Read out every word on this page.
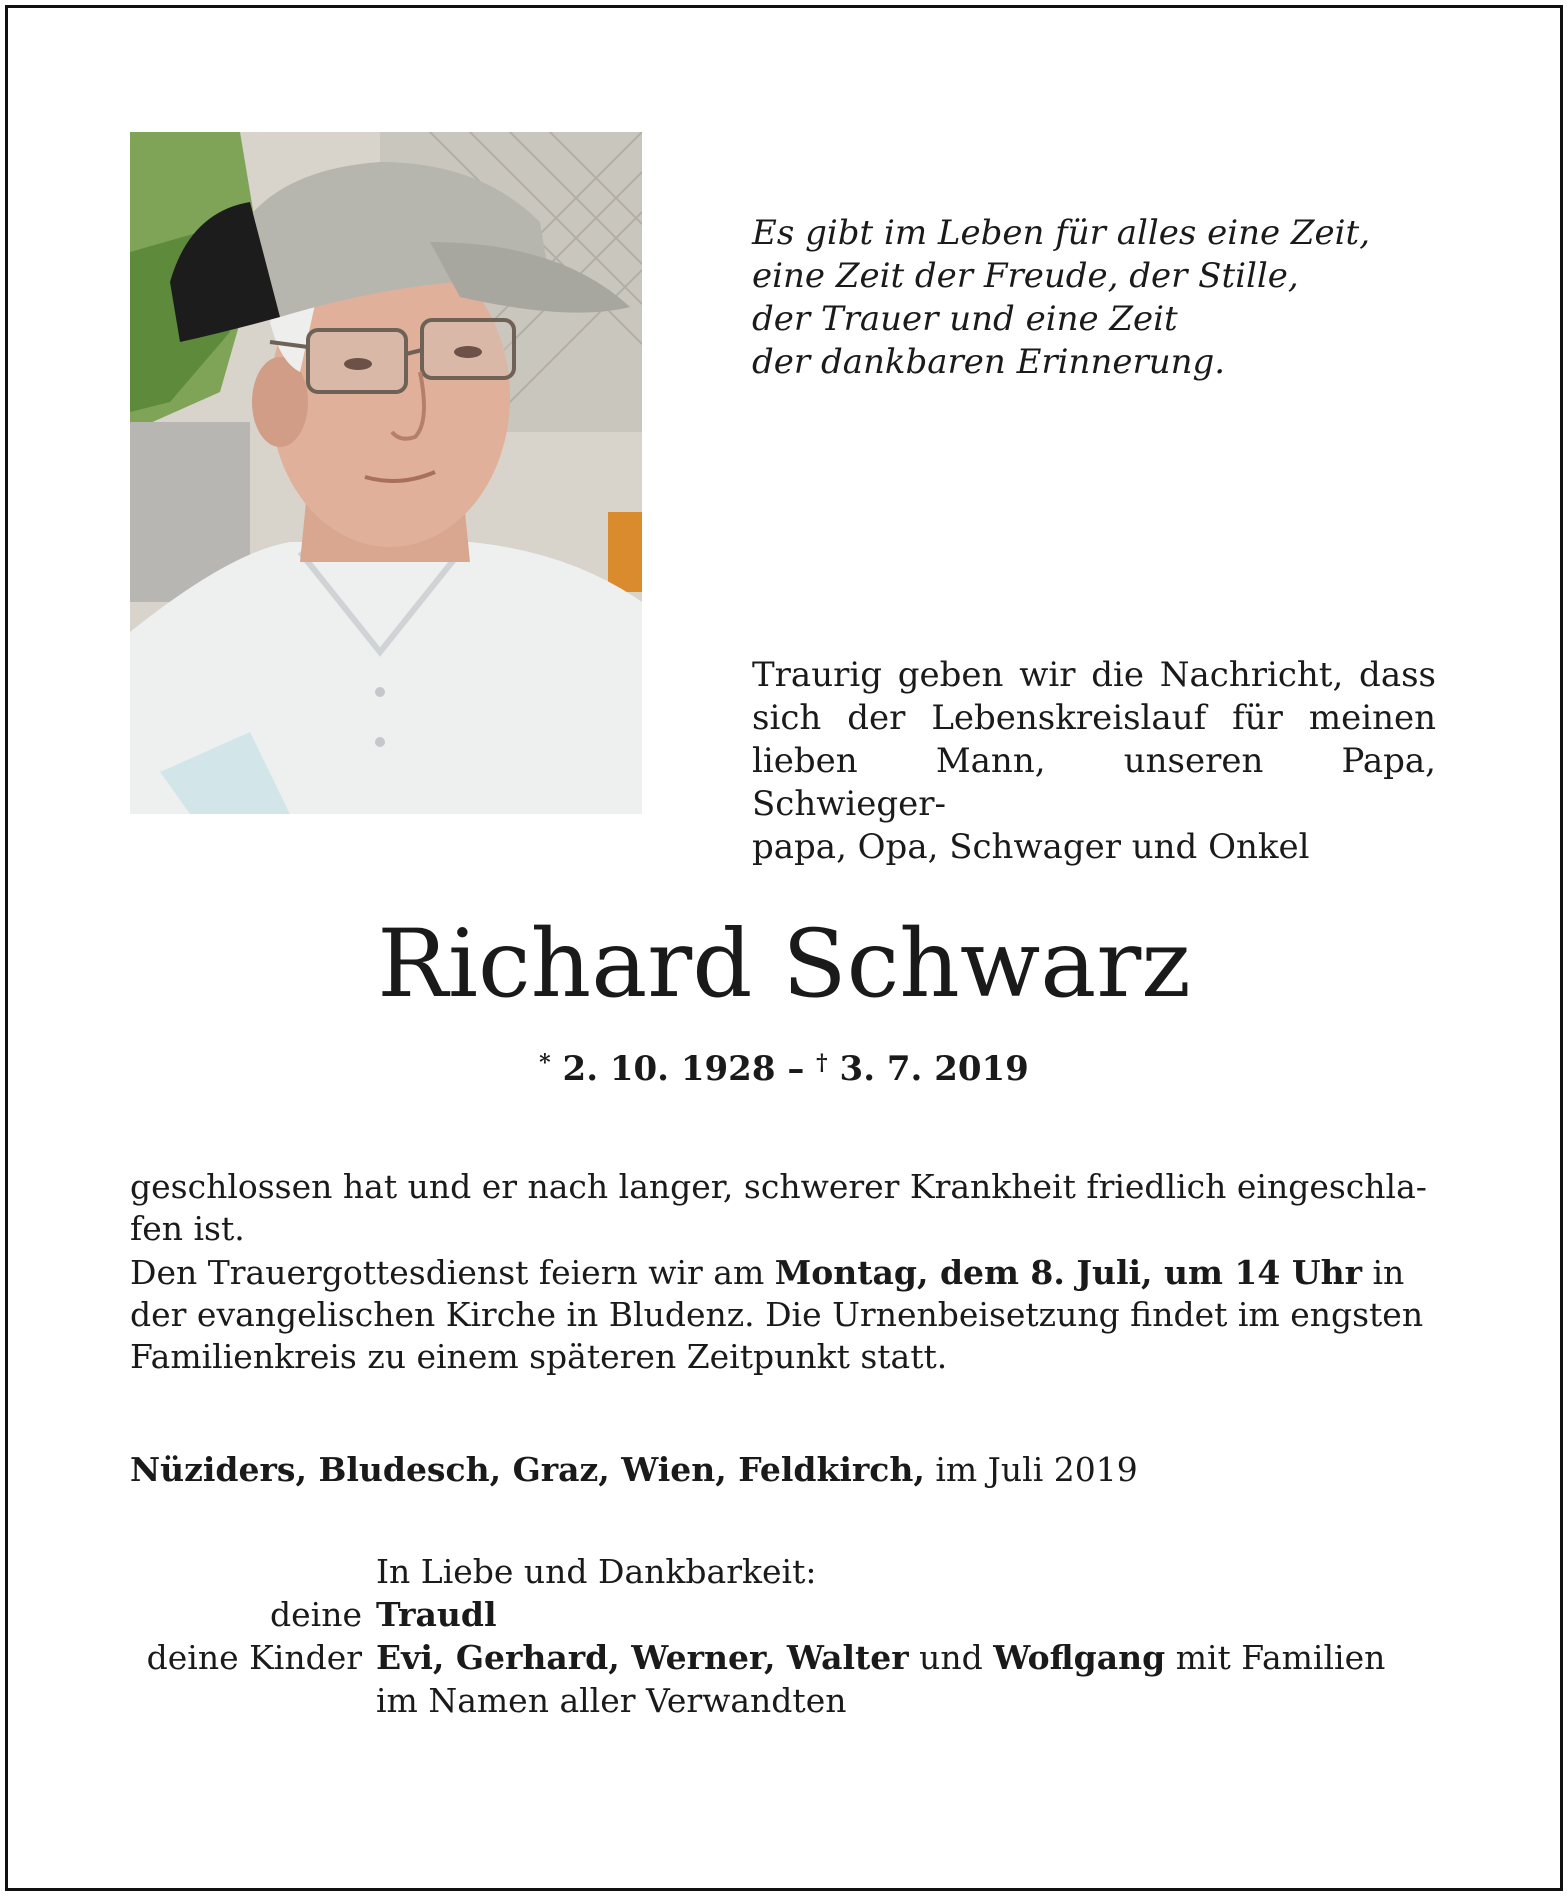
Es gibt im Leben für alles eine Zeit,
eine Zeit der Freude, der Stille,
der Trauer und eine Zeit
der dankbaren Erinnerung.
Traurig geben wir die Nachricht, dass
sich der Lebenskreislauf für meinen
lieben Mann, unseren Papa, Schwieger-
papa, Opa, Schwager und Onkel
Richard Schwarz
* 2. 10. 1928 – † 3. 7. 2019

geschlossen hat und er nach langer, schwerer Krankheit friedlich eingeschla-
fen ist.

Den Trauergottesdienst feiern wir am Montag, dem 8. Juli, um 14 Uhr in
der evangelischen Kirche in Bludenz. Die Urnenbeisetzung findet im engsten
Familienkreis zu einem späteren Zeitpunkt statt.

Nüziders, Bludesch, Graz, Wien, Feldkirch, im Juli 2019
In Liebe und Dankbarkeit:
deine Traudl
deine Kinder Evi, Gerhard, Werner, Walter und Woflgang mit Familien
im Namen aller Verwandten
